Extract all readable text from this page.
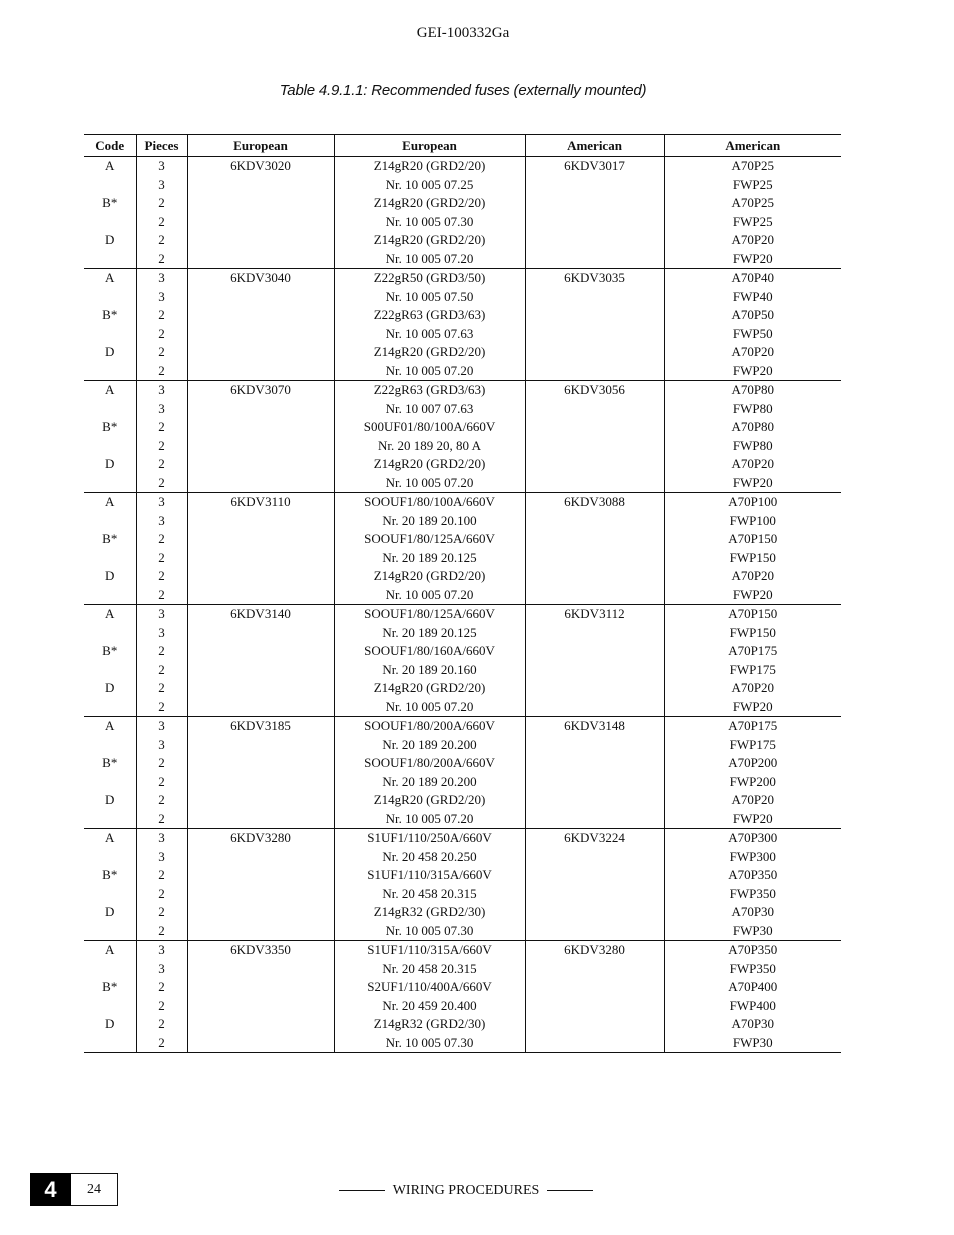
GEI-100332Ga
Table 4.9.1.1: Recommended fuses (externally mounted)
Code	Pieces	European	European	American	American
A	3	6KDV3020	Z14gR20 (GRD2/20)	6KDV3017	A70P25
	3		Nr. 10 005 07.25		FWP25
B*	2		Z14gR20 (GRD2/20)		A70P25
	2		Nr. 10 005 07.30		FWP25
D	2		Z14gR20 (GRD2/20)		A70P20
	2		Nr. 10 005 07.20		FWP20
A	3	6KDV3040	Z22gR50 (GRD3/50)	6KDV3035	A70P40
	3		Nr. 10 005 07.50		FWP40
B*	2		Z22gR63 (GRD3/63)		A70P50
	2		Nr. 10 005 07.63		FWP50
D	2		Z14gR20 (GRD2/20)		A70P20
	2		Nr. 10 005 07.20		FWP20
A	3	6KDV3070	Z22gR63 (GRD3/63)	6KDV3056	A70P80
	3		Nr. 10 007 07.63		FWP80
B*	2		S00UF01/80/100A/660V		A70P80
	2		Nr. 20 189 20, 80 A		FWP80
D	2		Z14gR20 (GRD2/20)		A70P20
	2		Nr. 10 005 07.20		FWP20
A	3	6KDV3110	SOOUF1/80/100A/660V	6KDV3088	A70P100
	3		Nr. 20 189 20.100		FWP100
B*	2		SOOUF1/80/125A/660V		A70P150
	2		Nr. 20 189 20.125		FWP150
D	2		Z14gR20 (GRD2/20)		A70P20
	2		Nr. 10 005 07.20		FWP20
A	3	6KDV3140	SOOUF1/80/125A/660V	6KDV3112	A70P150
	3		Nr. 20 189 20.125		FWP150
B*	2		SOOUF1/80/160A/660V		A70P175
	2		Nr. 20 189 20.160		FWP175
D	2		Z14gR20 (GRD2/20)		A70P20
	2		Nr. 10 005 07.20		FWP20
A	3	6KDV3185	SOOUF1/80/200A/660V	6KDV3148	A70P175
	3		Nr. 20 189 20.200		FWP175
B*	2		SOOUF1/80/200A/660V		A70P200
	2		Nr. 20 189 20.200		FWP200
D	2		Z14gR20 (GRD2/20)		A70P20
	2		Nr. 10 005 07.20		FWP20
A	3	6KDV3280	S1UF1/110/250A/660V	6KDV3224	A70P300
	3		Nr. 20 458 20.250		FWP300
B*	2		S1UF1/110/315A/660V		A70P350
	2		Nr. 20 458 20.315		FWP350
D	2		Z14gR32 (GRD2/30)		A70P30
	2		Nr. 10 005 07.30		FWP30
A	3	6KDV3350	S1UF1/110/315A/660V	6KDV3280	A70P350
	3		Nr. 20 458 20.315		FWP350
B*	2		S2UF1/110/400A/660V		A70P400
	2		Nr. 20 459 20.400		FWP400
D	2		Z14gR32 (GRD2/30)		A70P30
	2		Nr. 10 005 07.30		FWP30
4	24	WIRING PROCEDURES
